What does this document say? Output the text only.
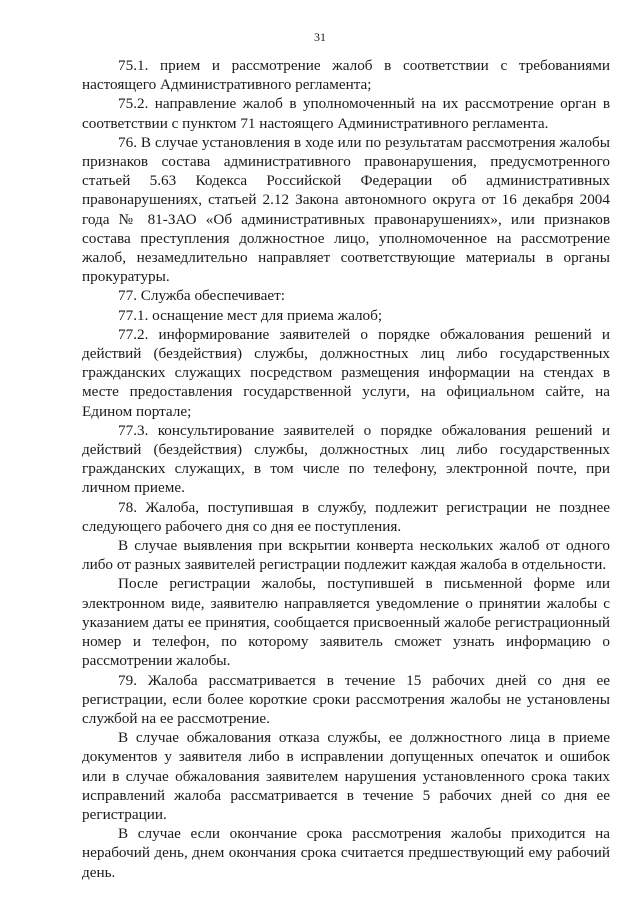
31

75.1. прием и рассмотрение жалоб в соответствии с требованиями настоящего Административного регламента;

75.2. направление жалоб в уполномоченный на их рассмотрение орган в соответствии с пунктом 71 настоящего Административного регламента.

76. В случае установления в ходе или по результатам рассмотрения жалобы признаков состава административного правонарушения, предусмотренного статьей 5.63 Кодекса Российской Федерации об административных правонарушениях, статьей 2.12 Закона автономного округа от 16 декабря 2004 года № 81-ЗАО «Об административных правонарушениях», или признаков состава преступления должностное лицо, уполномоченное на рассмотрение жалоб, незамедлительно направляет соответствующие материалы в органы прокуратуры.

77. Служба обеспечивает:

77.1. оснащение мест для приема жалоб;

77.2. информирование заявителей о порядке обжалования решений и действий (бездействия) службы, должностных лиц либо государственных гражданских служащих посредством размещения информации на стендах в месте предоставления государственной услуги, на официальном сайте, на Едином портале;

77.3. консультирование заявителей о порядке обжалования решений и действий (бездействия) службы, должностных лиц либо государственных гражданских служащих, в том числе по телефону, электронной почте, при личном приеме.

78. Жалоба, поступившая в службу, подлежит регистрации не позднее следующего рабочего дня со дня ее поступления.

В случае выявления при вскрытии конверта нескольких жалоб от одного либо от разных заявителей регистрации подлежит каждая жалоба в отдельности.

После регистрации жалобы, поступившей в письменной форме или электронном виде, заявителю направляется уведомление о принятии жалобы с указанием даты ее принятия, сообщается присвоенный жалобе регистрационный номер и телефон, по которому заявитель сможет узнать информацию о рассмотрении жалобы.

79. Жалоба рассматривается в течение 15 рабочих дней со дня ее регистрации, если более короткие сроки рассмотрения жалобы не установлены службой на ее рассмотрение.

В случае обжалования отказа службы, ее должностного лица в приеме документов у заявителя либо в исправлении допущенных опечаток и ошибок или в случае обжалования заявителем нарушения установленного срока таких исправлений жалоба рассматривается в течение 5 рабочих дней со дня ее регистрации.

В случае если окончание срока рассмотрения жалобы приходится на нерабочий день, днем окончания срока считается предшествующий ему рабочий день.
